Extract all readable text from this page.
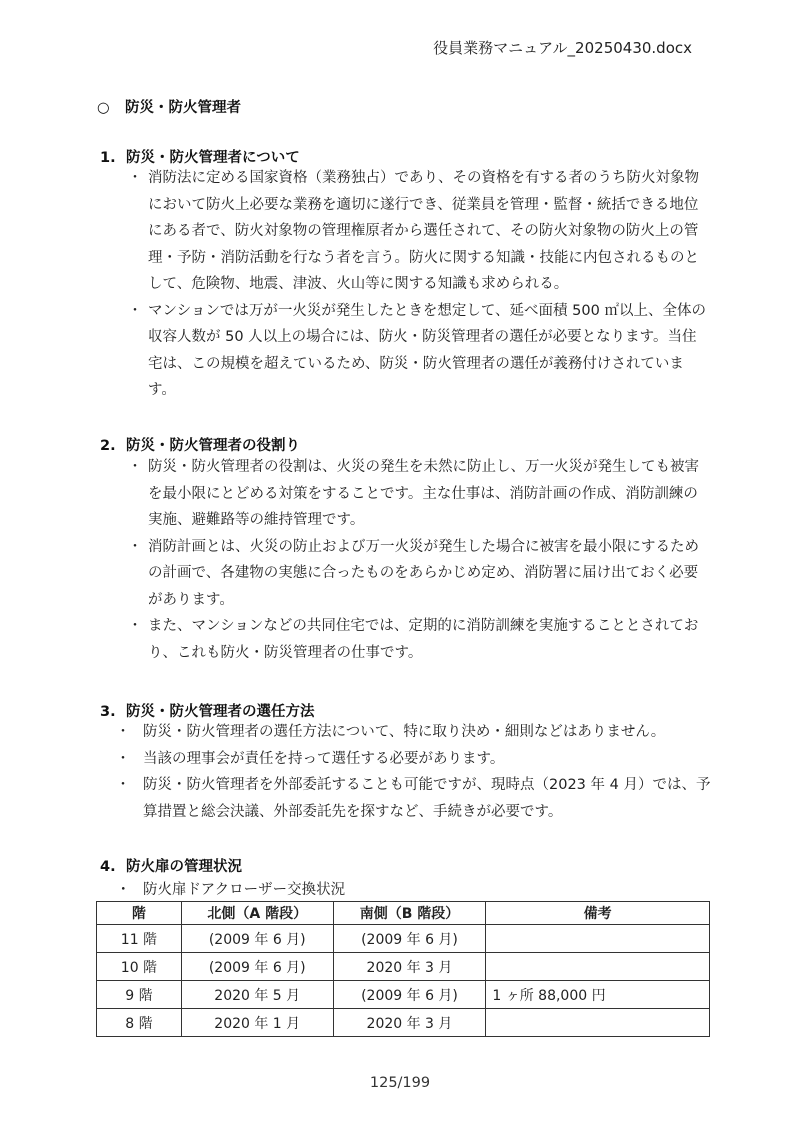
役員業務マニュアル_20250430.docx
○ 防災・防火管理者
1. 防災・防火管理者について
・ 消防法に定める国家資格（業務独占）であり、その資格を有する者のうち防火対象物において防火上必要な業務を適切に遂行でき、従業員を管理・監督・統括できる地位にある者で、防火対象物の管理権原者から選任されて、その防火対象物の防火上の管理・予防・消防活動を行なう者を言う。防火に関する知識・技能に内包されるものとして、危険物、地震、津波、火山等に関する知識も求められる。
・ マンションでは万が一火災が発生したときを想定して、延べ面積 500 ㎡以上、全体の収容人数が 50 人以上の場合には、防火・防災管理者の選任が必要となります。当住宅は、この規模を超えているため、防災・防火管理者の選任が義務付けされています。
2. 防災・防火管理者の役割り
・ 防災・防火管理者の役割は、火災の発生を未然に防止し、万一火災が発生しても被害を最小限にとどめる対策をすることです。主な仕事は、消防計画の作成、消防訓練の実施、避難路等の維持管理です。
・ 消防計画とは、火災の防止および万一火災が発生した場合に被害を最小限にするための計画で、各建物の実態に合ったものをあらかじめ定め、消防署に届け出ておく必要があります。
・ また、マンションなどの共同住宅では、定期的に消防訓練を実施することとされており、これも防火・防災管理者の仕事です。
3. 防災・防火管理者の選任方法
・ 防災・防火管理者の選任方法について、特に取り決め・細則などはありません。
・ 当該の理事会が責任を持って選任する必要があります。
・ 防災・防火管理者を外部委託することも可能ですが、現時点（2023 年 4 月）では、予算措置と総会決議、外部委託先を探すなど、手続きが必要です。
4. 防火扉の管理状況
・ 防火扉ドアクローザー交換状況
階	北側（A 階段）	南側（B 階段）	備考
11 階	(2009 年 6 月)	(2009 年 6 月)	
10 階	(2009 年 6 月)	2020 年 3 月	
9 階	2020 年 5 月	(2009 年 6 月)	1 ヶ所 88,000 円
8 階	2020 年 1 月	2020 年 3 月	
125/199
